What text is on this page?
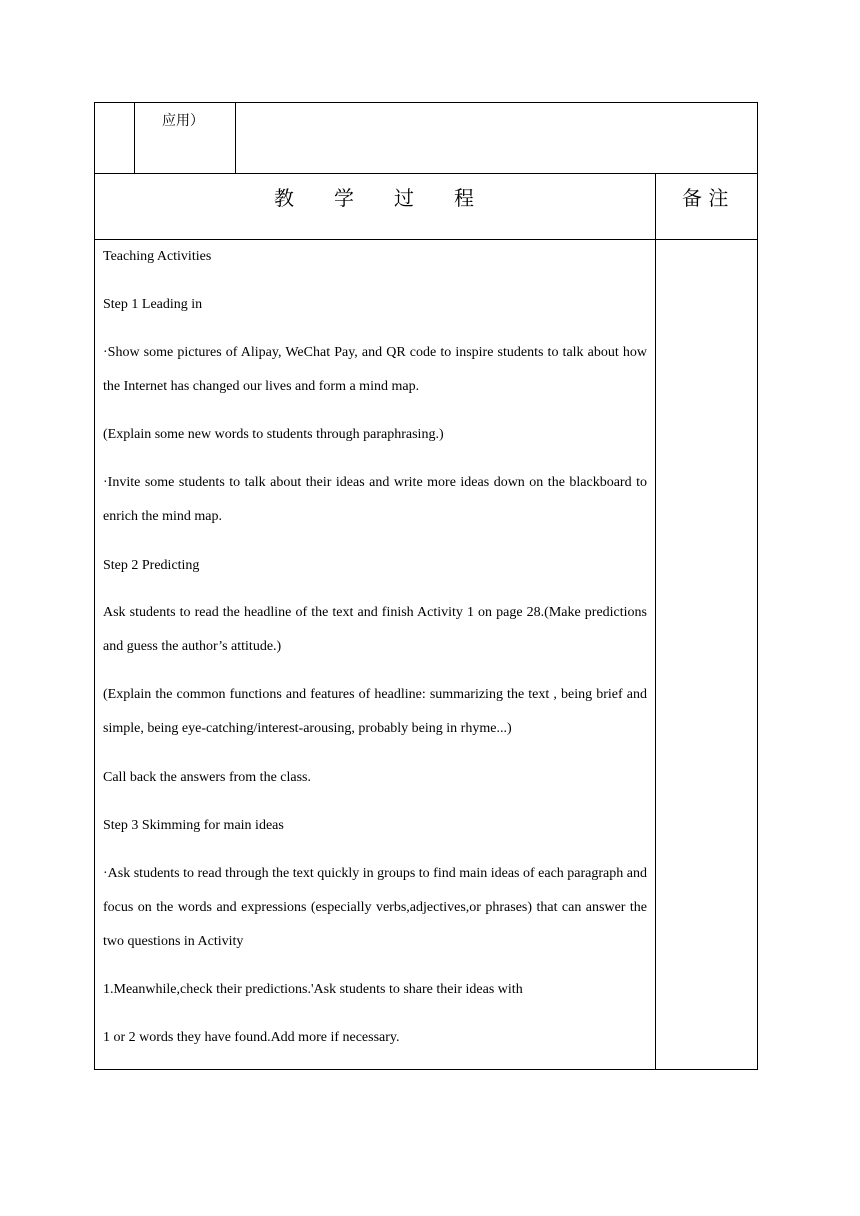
应用）
教　　学　　过　　程	备 注
Teaching Activities
Step 1 Leading in
·Show some pictures of Alipay, WeChat Pay, and QR code to inspire students to talk about how the Internet has changed our lives and form a mind map.
(Explain some new words to students through paraphrasing.)
·Invite some students to talk about their ideas and write more ideas down on the blackboard to enrich the mind map.
Step 2 Predicting
Ask students to read the headline of the text and finish Activity 1 on page 28.(Make predictions and guess the author’s attitude.)
(Explain the common functions and features of headline: summarizing the text , being brief and simple, being eye-catching/interest-arousing, probably being in rhyme...)
Call back the answers from the class.
Step 3 Skimming for main ideas
·Ask students to read through the text quickly in groups to find main ideas of each paragraph and focus on the words and expressions (especially verbs,adjectives,or phrases) that can answer the two questions in Activity
1.Meanwhile,check their predictions.'Ask students to share their ideas with
1 or 2 words they have found.Add more if necessary.
